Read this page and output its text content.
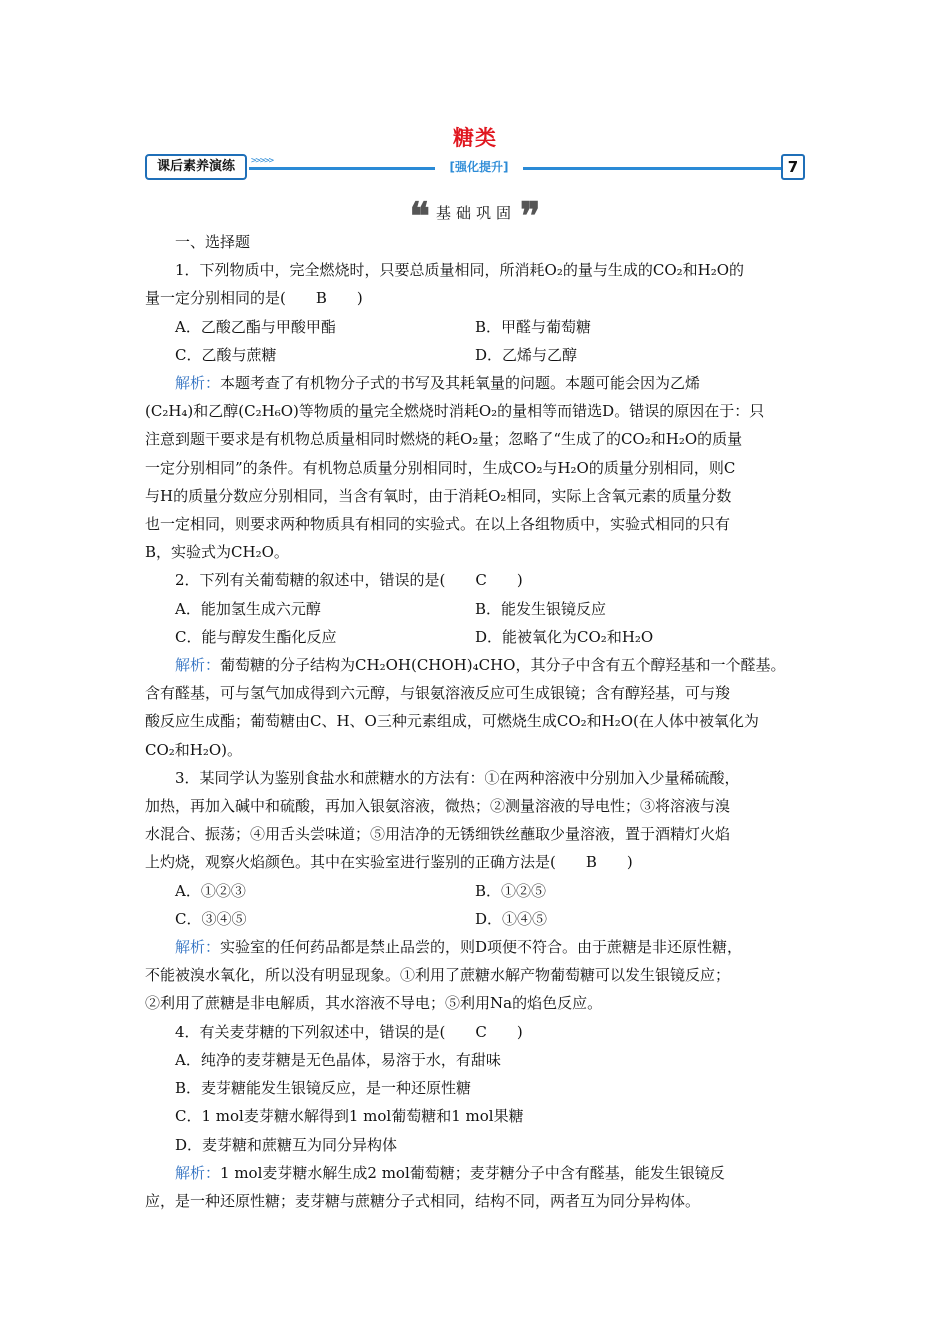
糖类
课后素养演练	>>>>>	[强化提升]	7
❝ 基础巩固 ❞

一、选择题

1．下列物质中，完全燃烧时，只要总质量相同，所消耗O₂的量与生成的CO₂和H₂O的

量一定分别相同的是(　　B　　)

A．乙酸乙酯与甲酸甲酯	B．甲醛与葡萄糖
C．乙酸与蔗糖	D．乙烯与乙醇

解析：本题考查了有机物分子式的书写及其耗氧量的问题。本题可能会因为乙烯

(C₂H₄)和乙醇(C₂H₆O)等物质的量完全燃烧时消耗O₂的量相等而错选D。错误的原因在于：只

注意到题干要求是有机物总质量相同时燃烧的耗O₂量；忽略了“生成了的CO₂和H₂O的质量

一定分别相同”的条件。有机物总质量分别相同时，生成CO₂与H₂O的质量分别相同，则C

与H的质量分数应分别相同，当含有氧时，由于消耗O₂相同，实际上含氧元素的质量分数

也一定相同，则要求两种物质具有相同的实验式。在以上各组物质中，实验式相同的只有

B，实验式为CH₂O。

2．下列有关葡萄糖的叙述中，错误的是(　　C　　)

A．能加氢生成六元醇	B．能发生银镜反应
C．能与醇发生酯化反应	D．能被氧化为CO₂和H₂O

解析：葡萄糖的分子结构为CH₂OH(CHOH)₄CHO，其分子中含有五个醇羟基和一个醛基。

含有醛基，可与氢气加成得到六元醇，与银氨溶液反应可生成银镜；含有醇羟基，可与羧

酸反应生成酯；葡萄糖由C、H、O三种元素组成，可燃烧生成CO₂和H₂O(在人体中被氧化为

CO₂和H₂O)。

3．某同学认为鉴别食盐水和蔗糖水的方法有：①在两种溶液中分别加入少量稀硫酸，

加热，再加入碱中和硫酸，再加入银氨溶液，微热；②测量溶液的导电性；③将溶液与溴

水混合、振荡；④用舌头尝味道；⑤用洁净的无锈细铁丝蘸取少量溶液，置于酒精灯火焰

上灼烧，观察火焰颜色。其中在实验室进行鉴别的正确方法是(　　B　　)

A．①②③	B．①②⑤
C．③④⑤	D．①④⑤

解析：实验室的任何药品都是禁止品尝的，则D项便不符合。由于蔗糖是非还原性糖，

不能被溴水氧化，所以没有明显现象。①利用了蔗糖水解产物葡萄糖可以发生银镜反应；

②利用了蔗糖是非电解质，其水溶液不导电；⑤利用Na的焰色反应。

4．有关麦芽糖的下列叙述中，错误的是(　　C　　)

A．纯净的麦芽糖是无色晶体，易溶于水，有甜味

B．麦芽糖能发生银镜反应，是一种还原性糖

C．1 mol麦芽糖水解得到1 mol葡萄糖和1 mol果糖

D．麦芽糖和蔗糖互为同分异构体

解析：1 mol麦芽糖水解生成2 mol葡萄糖；麦芽糖分子中含有醛基，能发生银镜反

应，是一种还原性糖；麦芽糖与蔗糖分子式相同，结构不同，两者互为同分异构体。
